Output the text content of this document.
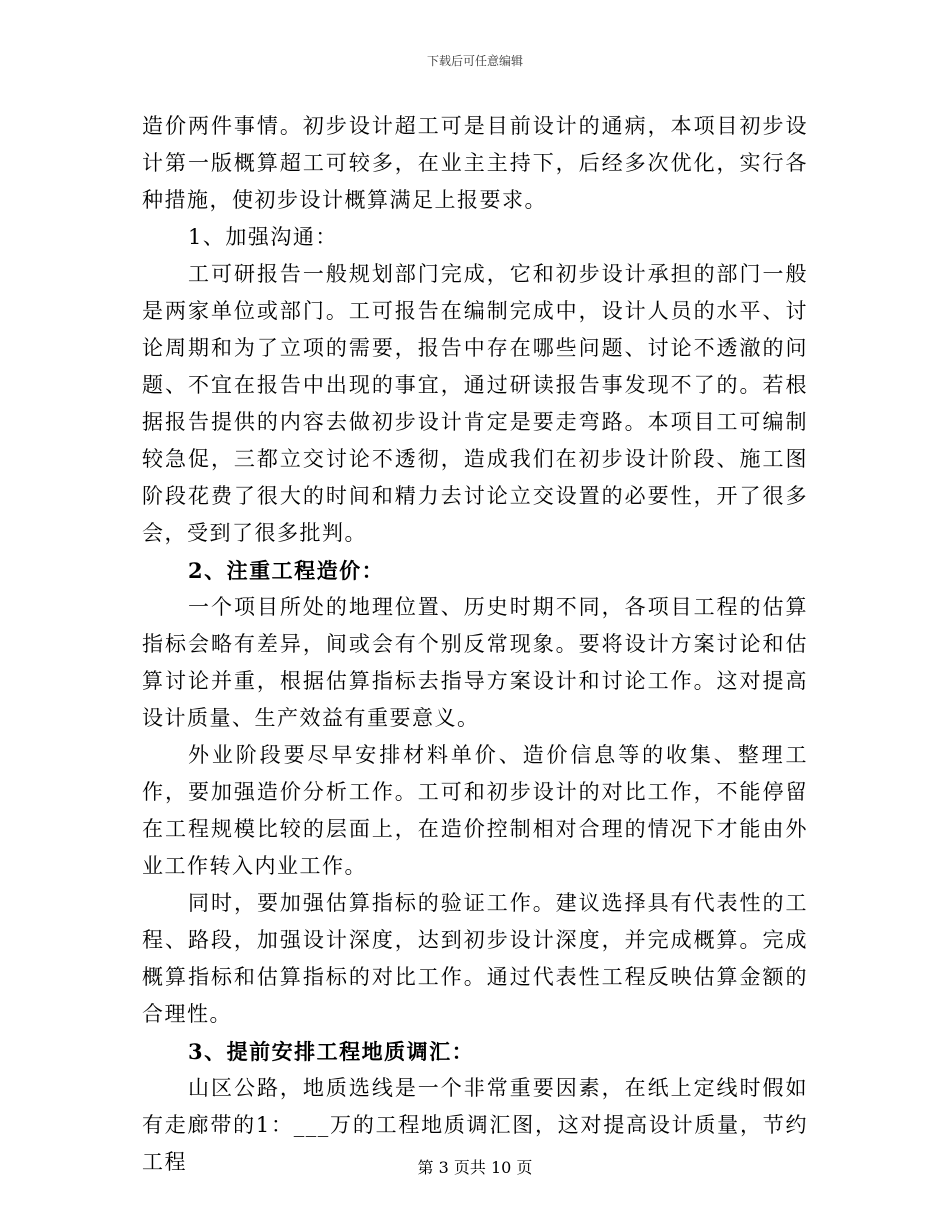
下载后可任意编辑

造价两件事情。初步设计超工可是目前设计的通病，本项目初步设计第一版概算超工可较多，在业主主持下，后经多次优化，实行各种措施，使初步设计概算满足上报要求。

1、加强沟通：

工可研报告一般规划部门完成，它和初步设计承担的部门一般是两家单位或部门。工可报告在编制完成中，设计人员的水平、讨论周期和为了立项的需要，报告中存在哪些问题、讨论不透澈的问题、不宜在报告中出现的事宜，通过研读报告事发现不了的。若根据报告提供的内容去做初步设计肯定是要走弯路。本项目工可编制较急促，三都立交讨论不透彻，造成我们在初步设计阶段、施工图阶段花费了很大的时间和精力去讨论立交设置的必要性，开了很多会，受到了很多批判。

2、注重工程造价：

一个项目所处的地理位置、历史时期不同，各项目工程的估算指标会略有差异，间或会有个别反常现象。要将设计方案讨论和估算讨论并重，根据估算指标去指导方案设计和讨论工作。这对提高设计质量、生产效益有重要意义。

外业阶段要尽早安排材料单价、造价信息等的收集、整理工作，要加强造价分析工作。工可和初步设计的对比工作，不能停留在工程规模比较的层面上，在造价控制相对合理的情况下才能由外业工作转入内业工作。

同时，要加强估算指标的验证工作。建议选择具有代表性的工程、路段，加强设计深度，达到初步设计深度，并完成概算。完成概算指标和估算指标的对比工作。通过代表性工程反映估算金额的合理性。

3、提前安排工程地质调汇：

山区公路，地质选线是一个非常重要因素，在纸上定线时假如有走廊带的1：___万的工程地质调汇图，这对提高设计质量，节约工程	第 3 页共 10 页
